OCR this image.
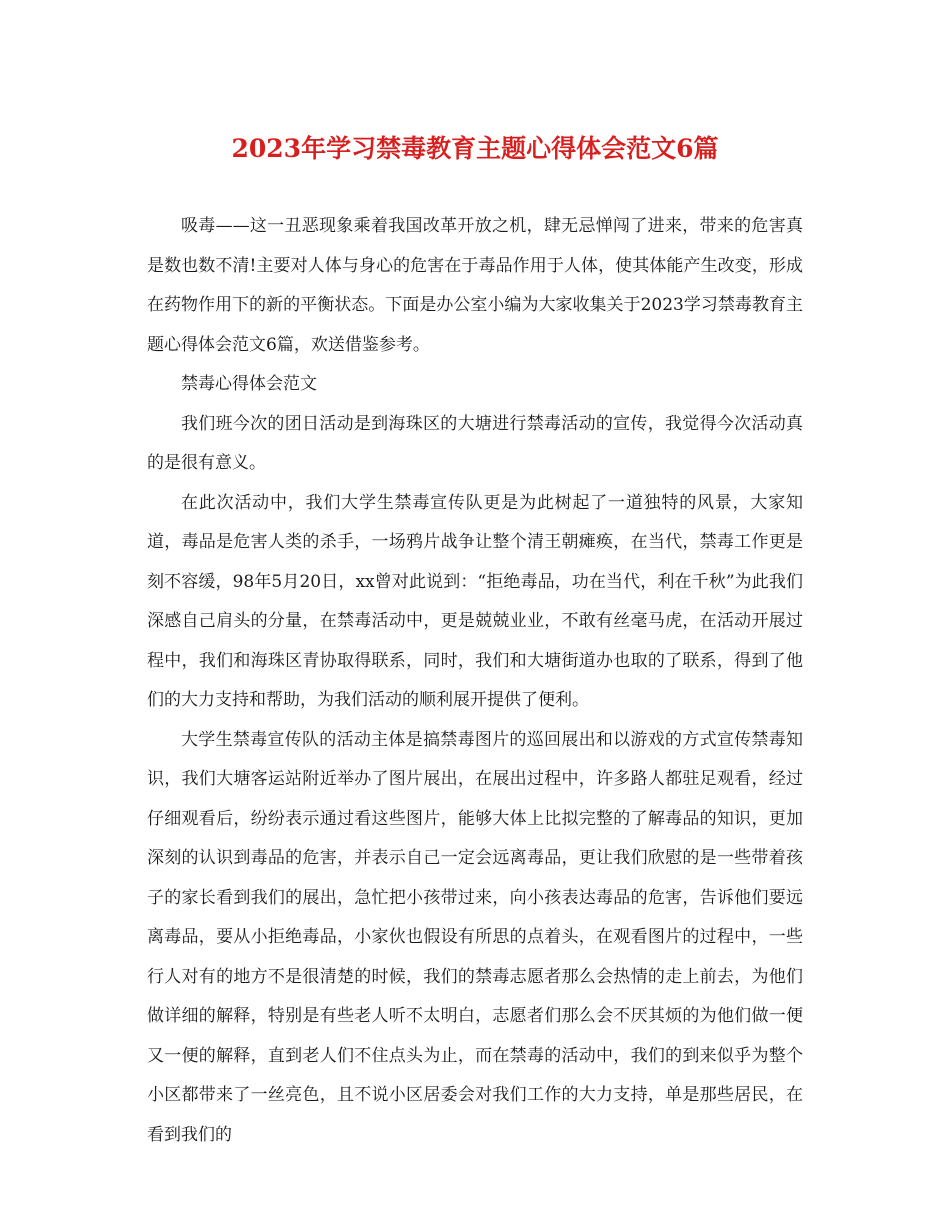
2023年学习禁毒教育主题心得体会范文6篇

吸毒——这一丑恶现象乘着我国改革开放之机，肆无忌惮闯了进来，带来的危害真是数也数不清!主要对人体与身心的危害在于毒品作用于人体，使其体能产生改变，形成在药物作用下的新的平衡状态。下面是办公室小编为大家收集关于2023学习禁毒教育主题心得体会范文6篇，欢送借鉴参考。

禁毒心得体会范文

我们班今次的团日活动是到海珠区的大塘进行禁毒活动的宣传，我觉得今次活动真的是很有意义。

在此次活动中，我们大学生禁毒宣传队更是为此树起了一道独特的风景，大家知道，毒品是危害人类的杀手，一场鸦片战争让整个清王朝瘫痪，在当代，禁毒工作更是刻不容缓，98年5月20日，xx曾对此说到：“拒绝毒品，功在当代，利在千秋”为此我们深感自己肩头的分量，在禁毒活动中，更是兢兢业业，不敢有丝毫马虎，在活动开展过程中，我们和海珠区青协取得联系，同时，我们和大塘街道办也取的了联系，得到了他们的大力支持和帮助，为我们活动的顺利展开提供了便利。

大学生禁毒宣传队的活动主体是搞禁毒图片的巡回展出和以游戏的方式宣传禁毒知识，我们大塘客运站附近举办了图片展出，在展出过程中，许多路人都驻足观看，经过仔细观看后，纷纷表示通过看这些图片，能够大体上比拟完整的了解毒品的知识，更加深刻的认识到毒品的危害，并表示自己一定会远离毒品，更让我们欣慰的是一些带着孩子的家长看到我们的展出，急忙把小孩带过来，向小孩表达毒品的危害，告诉他们要远离毒品，要从小拒绝毒品，小家伙也假设有所思的点着头，在观看图片的过程中，一些行人对有的地方不是很清楚的时候，我们的禁毒志愿者那么会热情的走上前去，为他们做详细的解释，特别是有些老人听不太明白，志愿者们那么会不厌其烦的为他们做一便又一便的解释，直到老人们不住点头为止，而在禁毒的活动中，我们的到来似乎为整个小区都带来了一丝亮色，且不说小区居委会对我们工作的大力支持，单是那些居民，在看到我们的
